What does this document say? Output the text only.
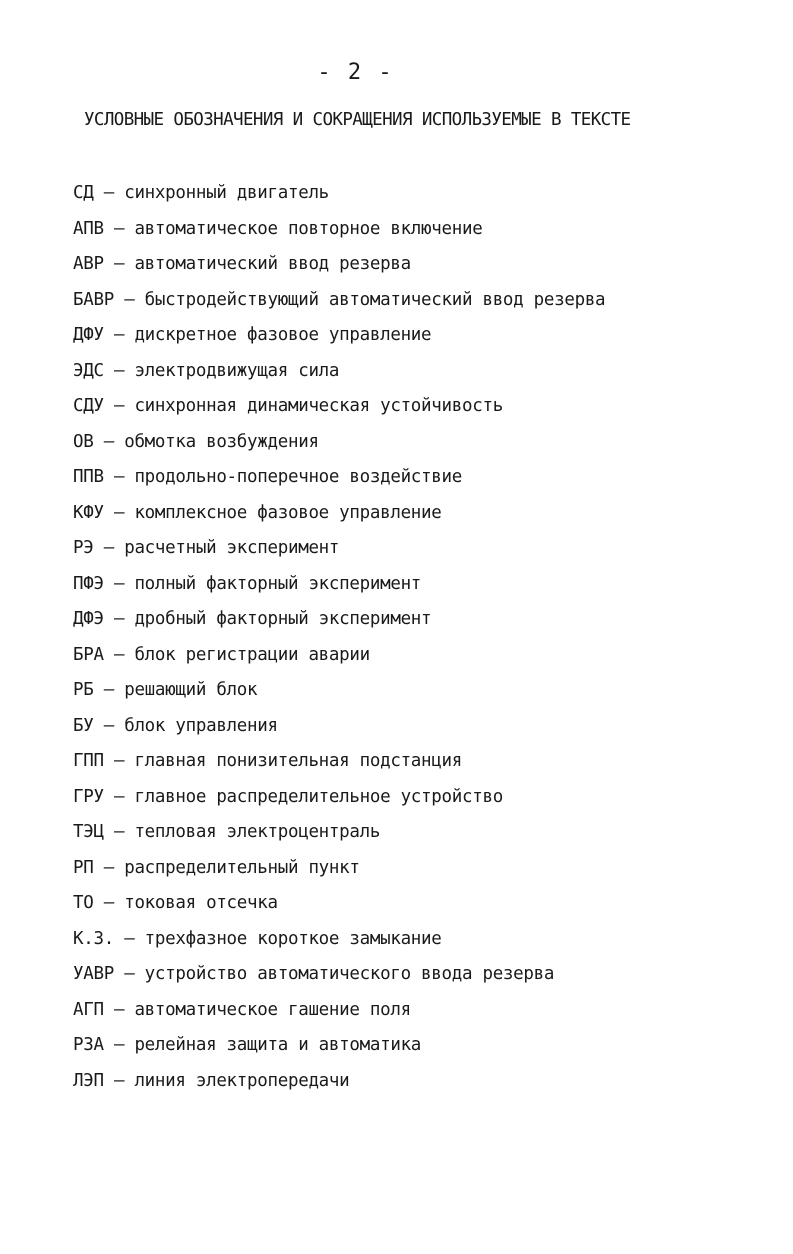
- 2 -
УСЛОВНЫЕ ОБОЗНАЧЕНИЯ И СОКРАЩЕНИЯ ИСПОЛЬЗУЕМЫЕ В ТЕКСТЕ
СД – синхронный двигатель
АПВ – автоматическое повторное включение
АВР – автоматический ввод резерва
БАВР – быстродействующий автоматический ввод резерва
ДФУ – дискретное фазовое управление
ЭДС – электродвижущая сила
СДУ – синхронная динамическая устойчивость
ОВ – обмотка возбуждения
ППВ – продольно-поперечное воздействие
КФУ – комплексное фазовое управление
РЭ – расчетный эксперимент
ПФЭ – полный факторный эксперимент
ДФЭ – дробный факторный эксперимент
БРА – блок регистрации аварии
РБ – решающий блок
БУ – блок управления
ГПП – главная понизительная подстанция
ГРУ – главное распределительное устройство
ТЭЦ – тепловая электроцентраль
РП – распределительный пункт
ТО – токовая отсечка
К.З. – трехфазное короткое замыкание
УАВР – устройство автоматического ввода резерва
АГП – автоматическое гашение поля
РЗА – релейная защита и автоматика
ЛЭП – линия электропередачи
